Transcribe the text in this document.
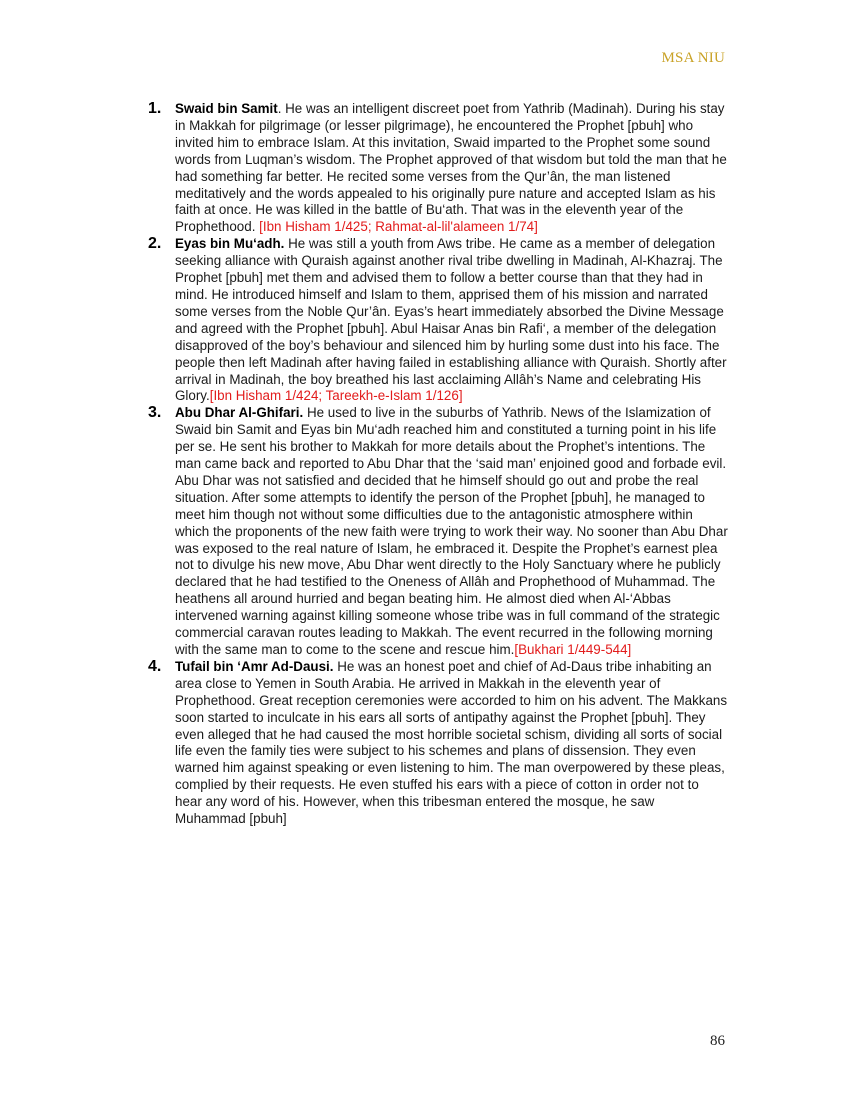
MSA NIU

1. Swaid bin Samit. He was an intelligent discreet poet from Yathrib (Madinah). During his stay in Makkah for pilgrimage (or lesser pilgrimage), he encountered the Prophet [pbuh] who invited him to embrace Islam. At this invitation, Swaid imparted to the Prophet some sound words from Luqman’s wisdom. The Prophet approved of that wisdom but told the man that he had something far better. He recited some verses from the Qur’ân, the man listened meditatively and the words appealed to his originally pure nature and accepted Islam as his faith at once. He was killed in the battle of Bu‘ath. That was in the eleventh year of the Prophethood. [Ibn Hisham 1/425; Rahmat-al-lil'alameen 1/74]

2. Eyas bin Mu‘adh. He was still a youth from Aws tribe. He came as a member of delegation seeking alliance with Quraish against another rival tribe dwelling in Madinah, Al-Khazraj. The Prophet [pbuh] met them and advised them to follow a better course than that they had in mind. He introduced himself and Islam to them, apprised them of his mission and narrated some verses from the Noble Qur’ân. Eyas’s heart immediately absorbed the Divine Message and agreed with the Prophet [pbuh]. Abul Haisar Anas bin Rafi‘, a member of the delegation disapproved of the boy’s behaviour and silenced him by hurling some dust into his face. The people then left Madinah after having failed in establishing alliance with Quraish. Shortly after arrival in Madinah, the boy breathed his last acclaiming Allâh’s Name and celebrating His Glory.[Ibn Hisham 1/424; Tareekh-e-Islam 1/126]

3. Abu Dhar Al-Ghifari. He used to live in the suburbs of Yathrib. News of the Islamization of Swaid bin Samit and Eyas bin Mu‘adh reached him and constituted a turning point in his life per se. He sent his brother to Makkah for more details about the Prophet’s intentions. The man came back and reported to Abu Dhar that the ‘said man’ enjoined good and forbade evil. Abu Dhar was not satisfied and decided that he himself should go out and probe the real situation. After some attempts to identify the person of the Prophet [pbuh], he managed to meet him though not without some difficulties due to the antagonistic atmosphere within which the proponents of the new faith were trying to work their way. No sooner than Abu Dhar was exposed to the real nature of Islam, he embraced it. Despite the Prophet’s earnest plea not to divulge his new move, Abu Dhar went directly to the Holy Sanctuary where he publicly declared that he had testified to the Oneness of Allâh and Prophethood of Muhammad. The heathens all around hurried and began beating him. He almost died when Al-‘Abbas intervened warning against killing someone whose tribe was in full command of the strategic commercial caravan routes leading to Makkah. The event recurred in the following morning with the same man to come to the scene and rescue him.[Bukhari 1/449-544]

4. Tufail bin ‘Amr Ad-Dausi. He was an honest poet and chief of Ad-Daus tribe inhabiting an area close to Yemen in South Arabia. He arrived in Makkah in the eleventh year of Prophethood. Great reception ceremonies were accorded to him on his advent. The Makkans soon started to inculcate in his ears all sorts of antipathy against the Prophet [pbuh]. They even alleged that he had caused the most horrible societal schism, dividing all sorts of social life even the family ties were subject to his schemes and plans of dissension. They even warned him against speaking or even listening to him. The man overpowered by these pleas, complied by their requests. He even stuffed his ears with a piece of cotton in order not to hear any word of his. However, when this tribesman entered the mosque, he saw Muhammad [pbuh]

86
